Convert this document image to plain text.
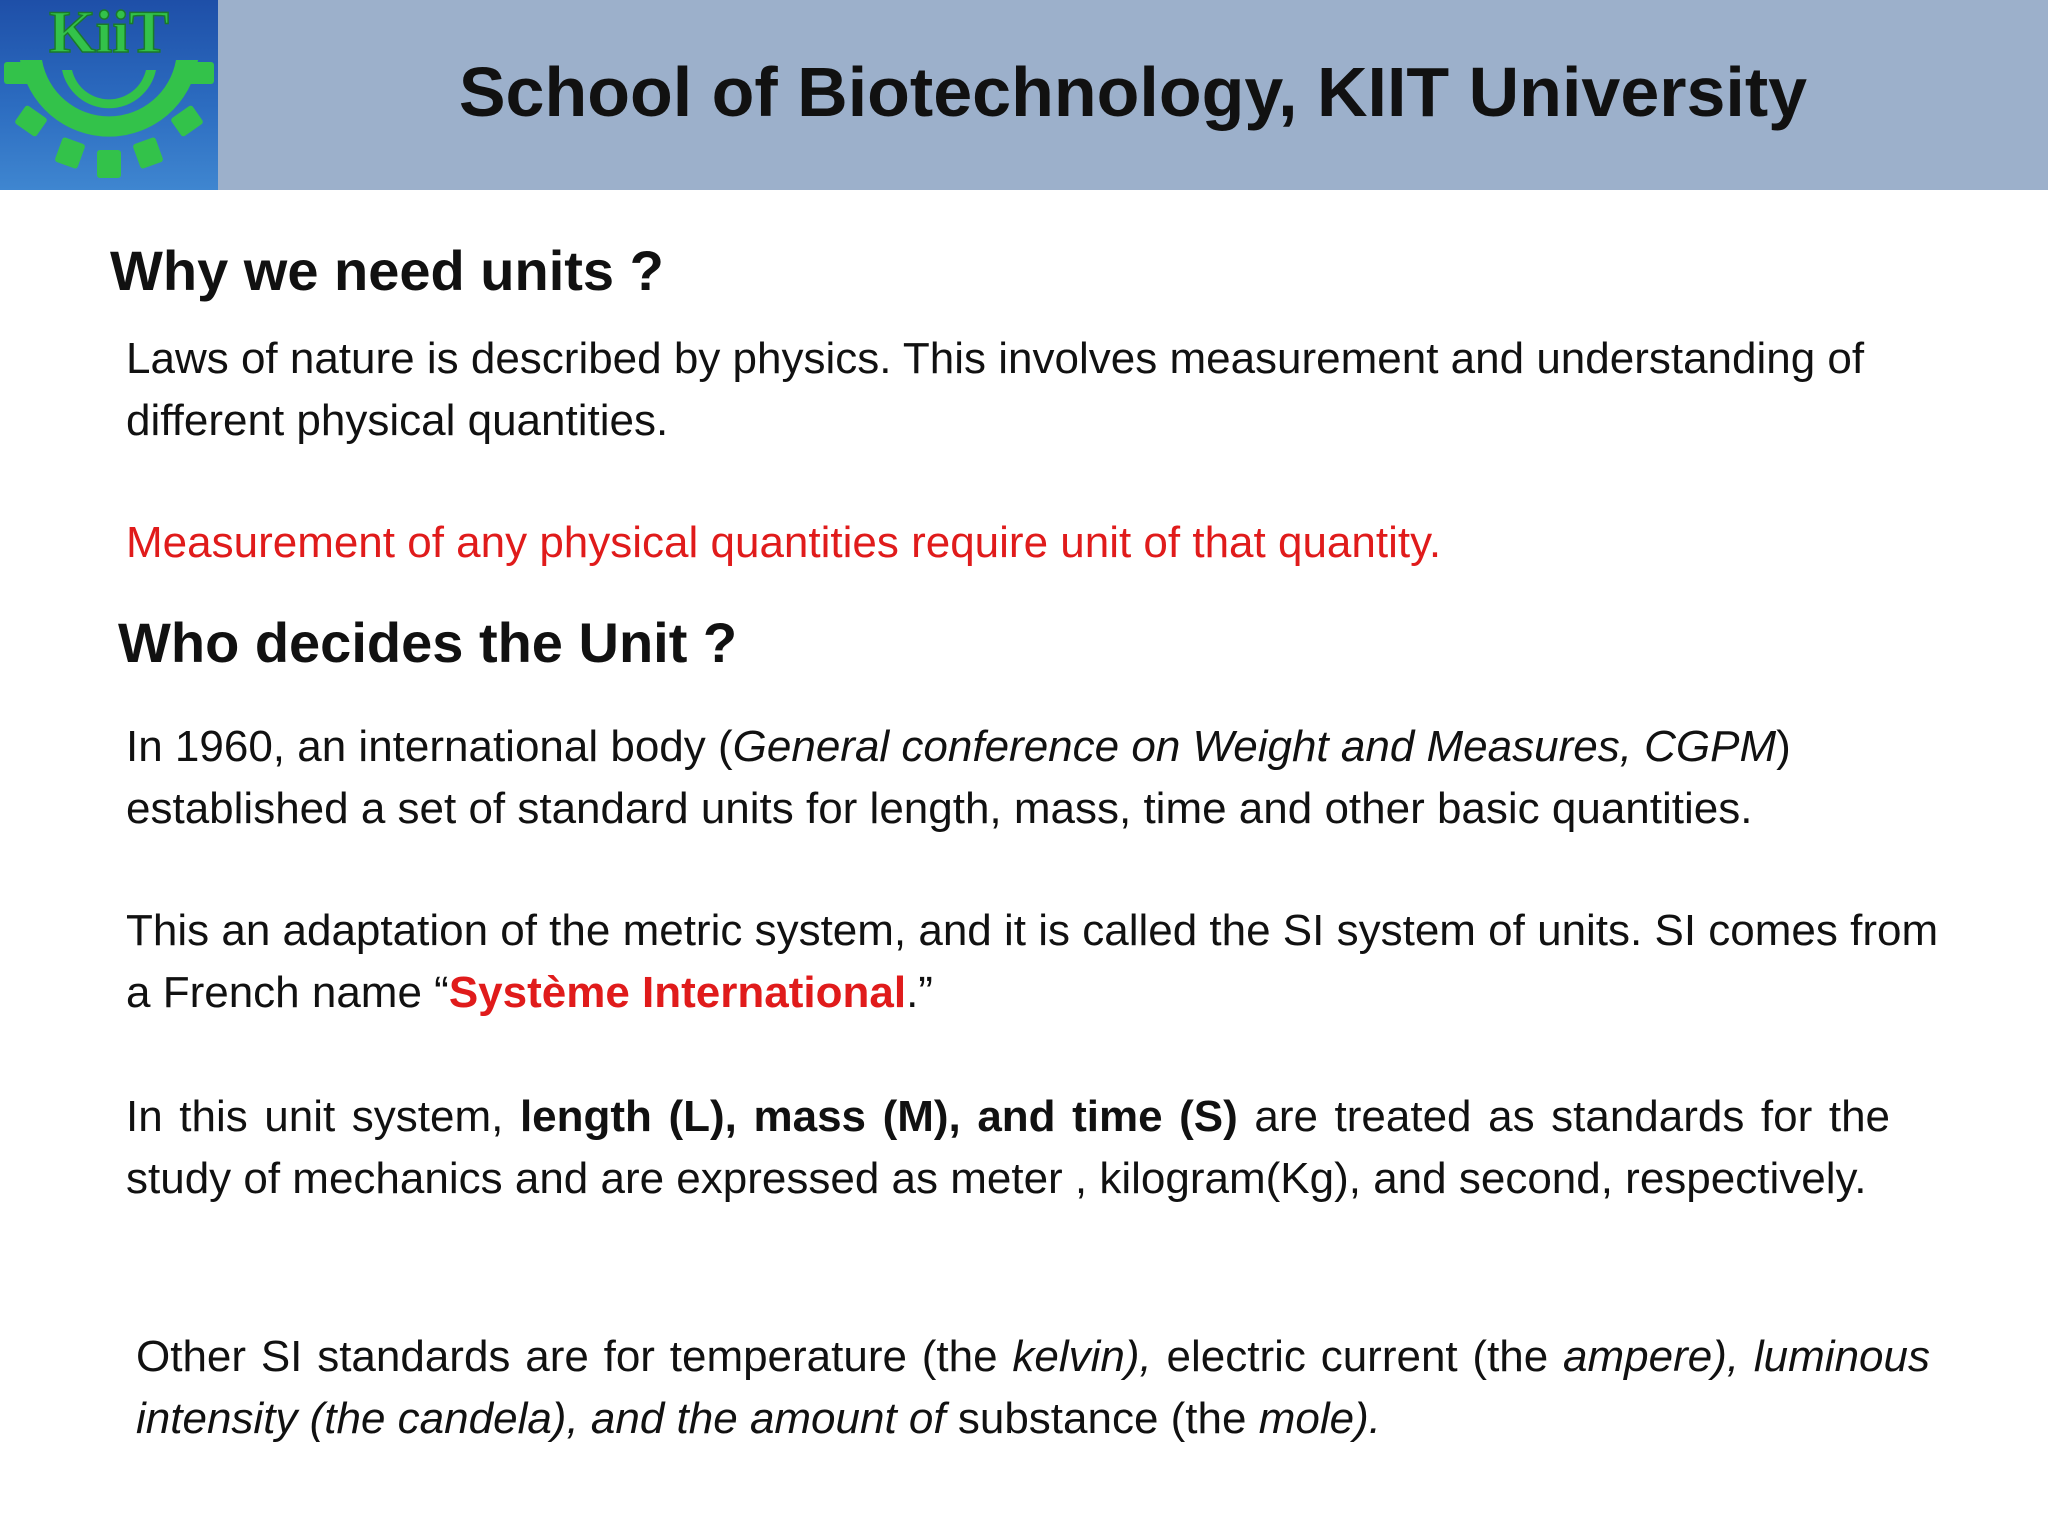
KiiT
School of Biotechnology, KIIT University
Why we need units ?
Laws of nature is described by physics. This involves measurement and understanding of different physical quantities.
Measurement of any physical quantities require unit of that quantity.
Who decides the Unit ?
In 1960, an international body (General conference on Weight and Measures, CGPM) established a set of standard units for length, mass, time and other basic quantities.
This an adaptation of the metric system, and it is called the SI system of units. SI comes from a French name “Système International.”
In this unit system, length (L), mass (M), and time (S) are treated as standards for the study of mechanics and are expressed as meter , kilogram(Kg), and second, respectively.
Other SI standards are for temperature (the kelvin), electric current (the ampere), luminous intensity (the candela), and the amount of substance (the mole).
